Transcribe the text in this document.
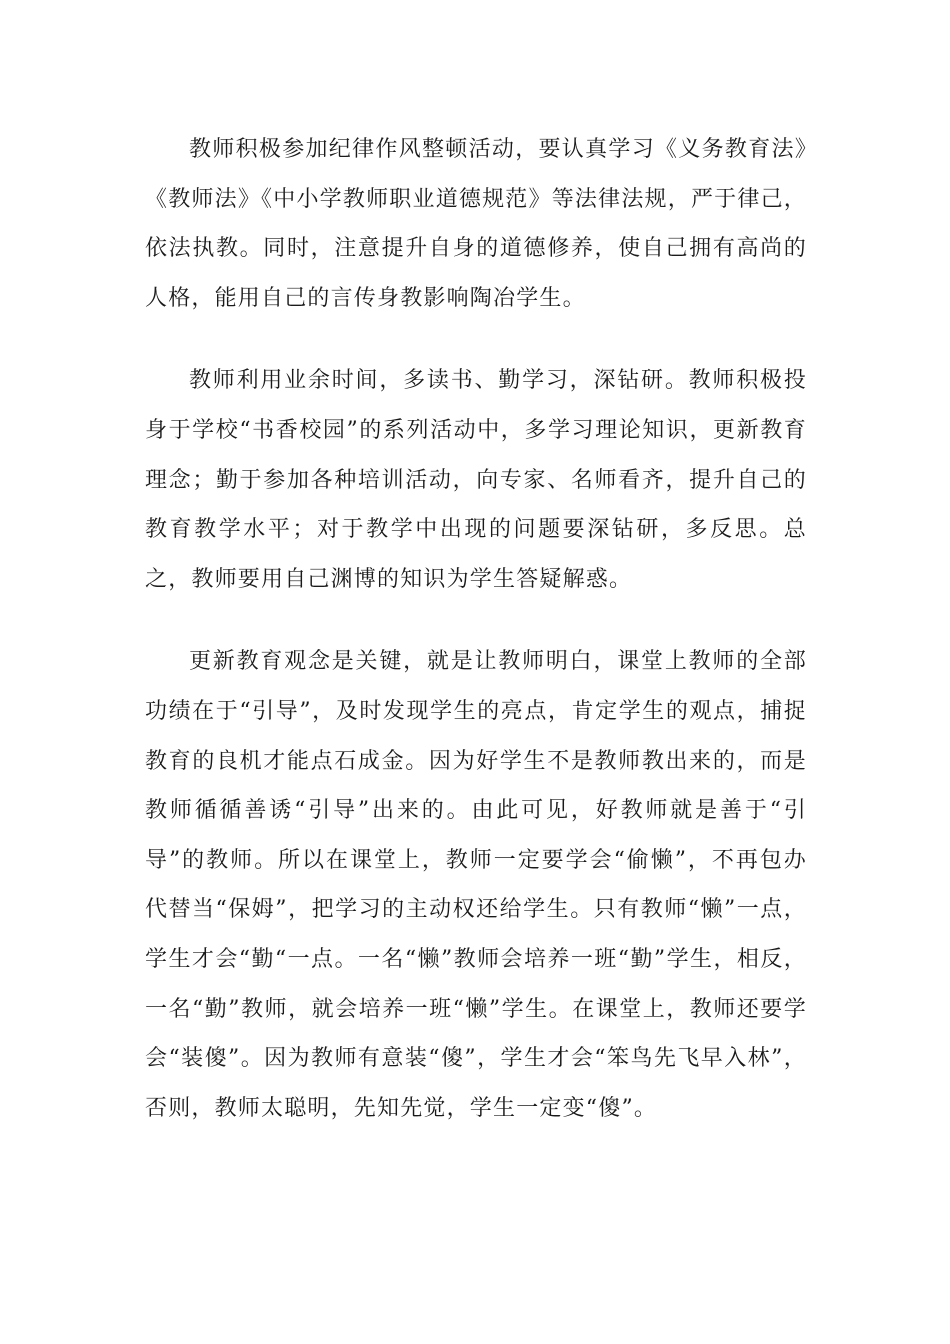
教师积极参加纪律作风整顿活动，要认真学习《义务教育法》《教师法》《中小学教师职业道德规范》等法律法规，严于律己，依法执教。同时，注意提升自身的道德修养，使自己拥有高尚的人格，能用自己的言传身教影响陶冶学生。

教师利用业余时间，多读书、勤学习，深钻研。教师积极投身于学校“书香校园”的系列活动中，多学习理论知识，更新教育理念；勤于参加各种培训活动，向专家、名师看齐，提升自己的教育教学水平；对于教学中出现的问题要深钻研，多反思。总之，教师要用自己渊博的知识为学生答疑解惑。

更新教育观念是关键，就是让教师明白，课堂上教师的全部功绩在于“引导”，及时发现学生的亮点，肯定学生的观点，捕捉教育的良机才能点石成金。因为好学生不是教师教出来的，而是教师循循善诱“引导”出来的。由此可见，好教师就是善于“引导”的教师。所以在课堂上，教师一定要学会“偷懒”，不再包办代替当“保姆”，把学习的主动权还给学生。只有教师“懒”一点，学生才会“勤“一点。一名“懒”教师会培养一班“勤”学生，相反，一名“勤”教师，就会培养一班“懒”学生。在课堂上，教师还要学会“装傻”。因为教师有意装“傻”，学生才会“笨鸟先飞早入林”，否则，教师太聪明，先知先觉，学生一定变“傻”。
